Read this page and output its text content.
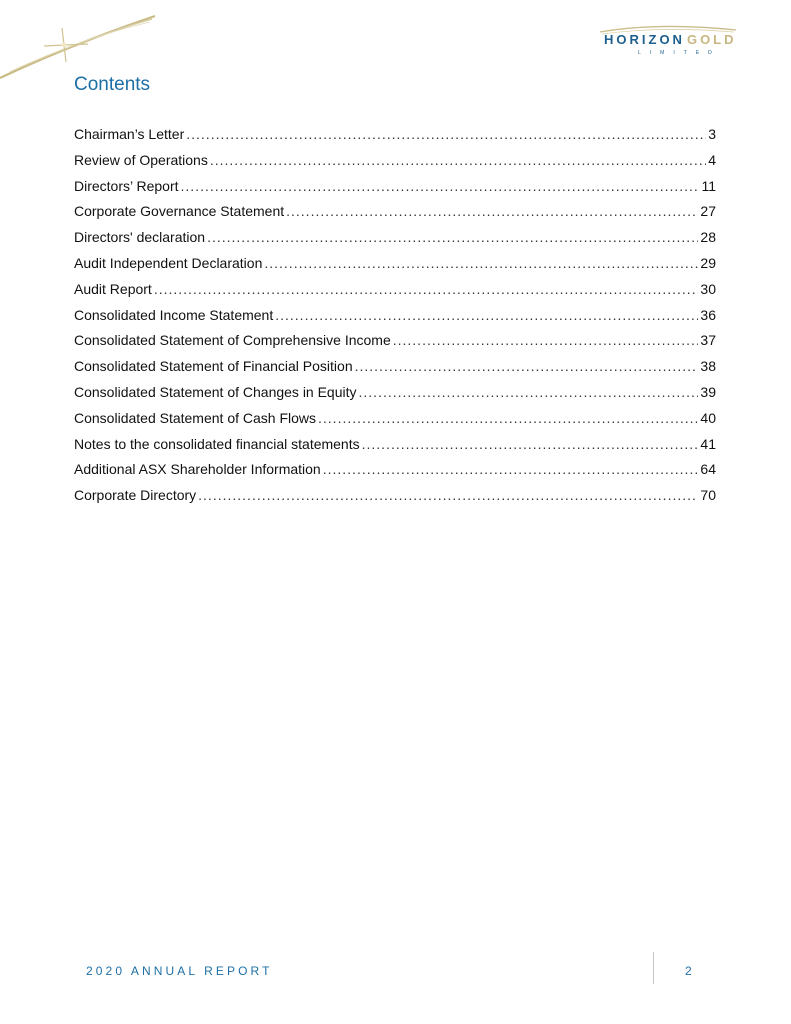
HORIZON GOLD
LIMITED
Contents
Chairman’s Letter .....	3
Review of Operations .....	4
Directors’ Report .....	11
Corporate Governance Statement .....	27
Directors' declaration .....	28
Audit Independent Declaration .....	29
Audit Report .....	30
Consolidated Income Statement .....	36
Consolidated Statement of Comprehensive Income .....	37
Consolidated Statement of Financial Position .....	38
Consolidated Statement of Changes in Equity .....	39
Consolidated Statement of Cash Flows .....	40
Notes to the consolidated financial statements .....	41
Additional ASX Shareholder Information .....	64
Corporate Directory .....	70
2020 ANNUAL REPORT	2
